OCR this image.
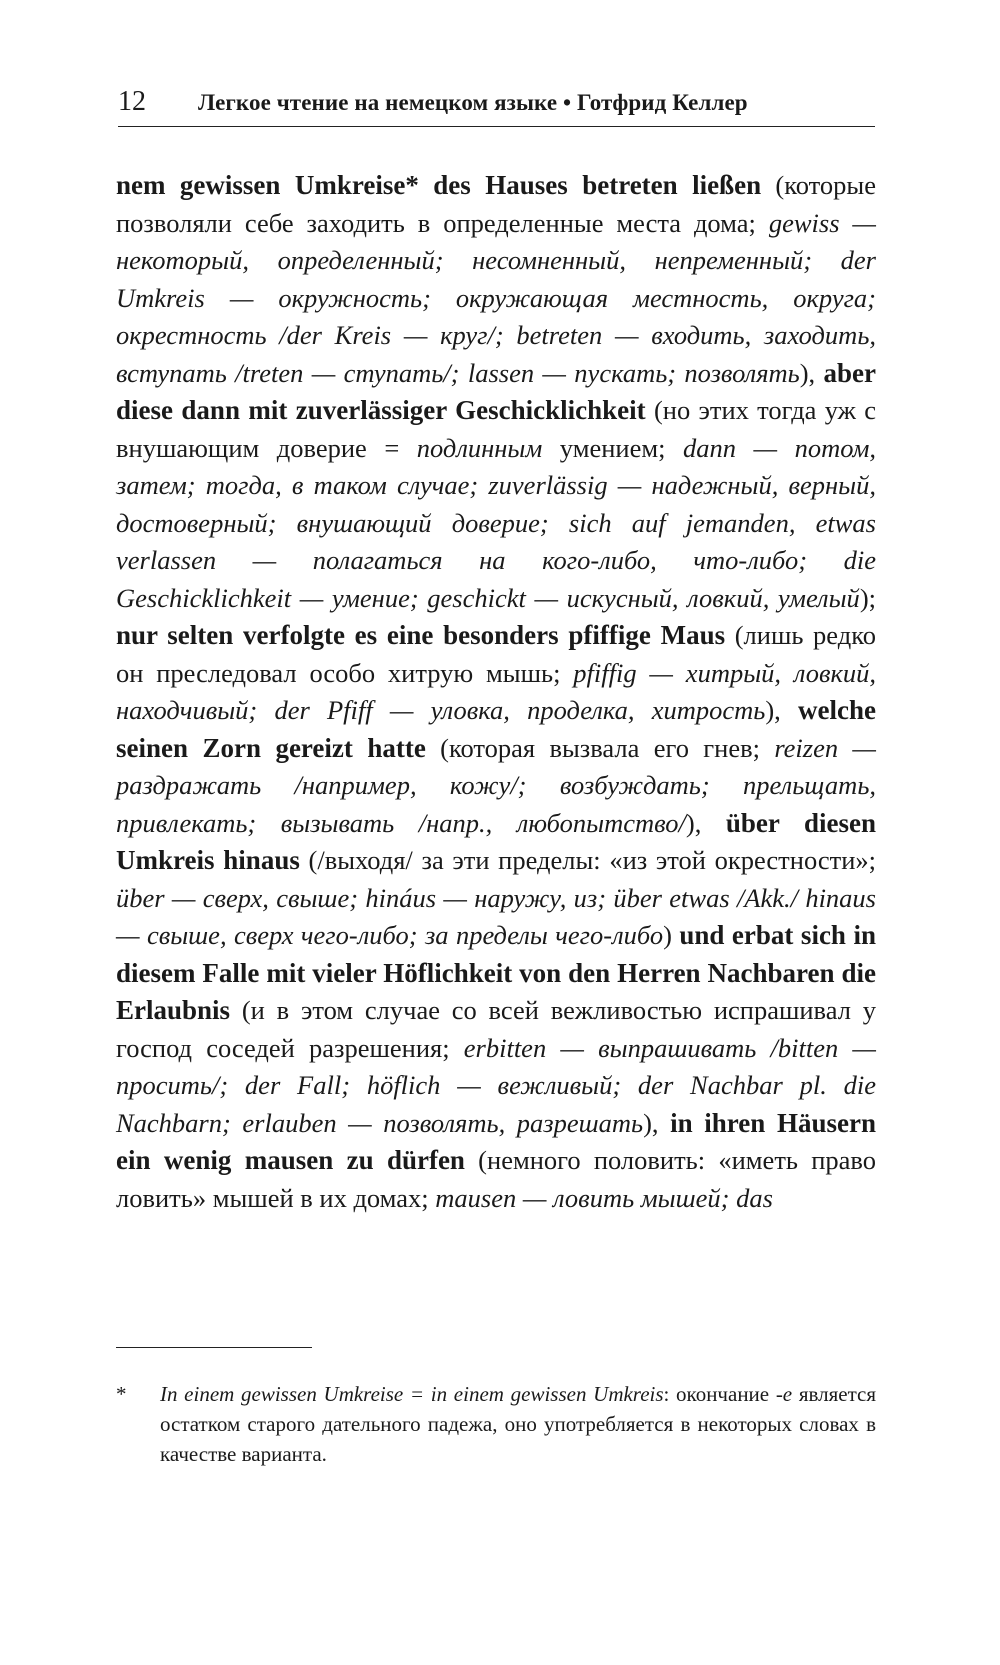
12 Легкое чтение на немецком языке • Готфрид Келлер

nem gewissen Umkreise* des Hauses betreten ließen (которые позволяли себе заходить в определенные места дома; gewiss — некоторый, определенный; несомненный, непременный; der Umkreis — окружность; окружающая местность, округа; окрестность /der Kreis — круг/; betreten — входить, заходить, вступать /treten — ступать/; lassen — пускать; позволять), aber diese dann mit zuverlässiger Geschicklichkeit (но этих тогда уж с внушающим доверие = подлинным умением; dann — потом, затем; тогда, в таком случае; zuverlässig — надежный, верный, достоверный; внушающий доверие; sich auf jemanden, etwas verlassen — полагаться на кого-либо, что-либо; die Geschicklichkeit — умение; geschickt — искусный, ловкий, умелый); nur selten verfolgte es eine besonders pfiffige Maus (лишь редко он преследовал особо хитрую мышь; pfiffig — хитрый, ловкий, находчивый; der Pfiff — уловка, проделка, хитрость), welche seinen Zorn gereizt hatte (которая вызвала его гнев; reizen — раздражать /например, кожу/; возбуждать; прельщать, привлекать; вызывать /напр., любопытство/), über diesen Umkreis hinaus (/выходя/ за эти пределы: «из этой окрестности»; über — сверх, свыше; hináus — наружу, из; über etwas /Akk./ hinaus — свыше, сверх чего-либо; за пределы чего-либо) und erbat sich in diesem Falle mit vieler Höflichkeit von den Herren Nachbaren die Erlaubnis (и в этом случае со всей вежливостью испрашивал у господ соседей разрешения; erbitten — выпрашивать /bitten — просить/; der Fall; höflich — вежливый; der Nachbar pl. die Nachbarn; erlauben — позволять, разрешать), in ihren Häusern ein wenig mausen zu dürfen (немного половить: «иметь право ловить» мышей в их домах; mausen — ловить мышей; das

*	In einem gewissen Umkreise = in einem gewissen Umkreis: окончание -е является остатком старого дательного падежа, оно употребляется в некоторых словах в качестве варианта.
